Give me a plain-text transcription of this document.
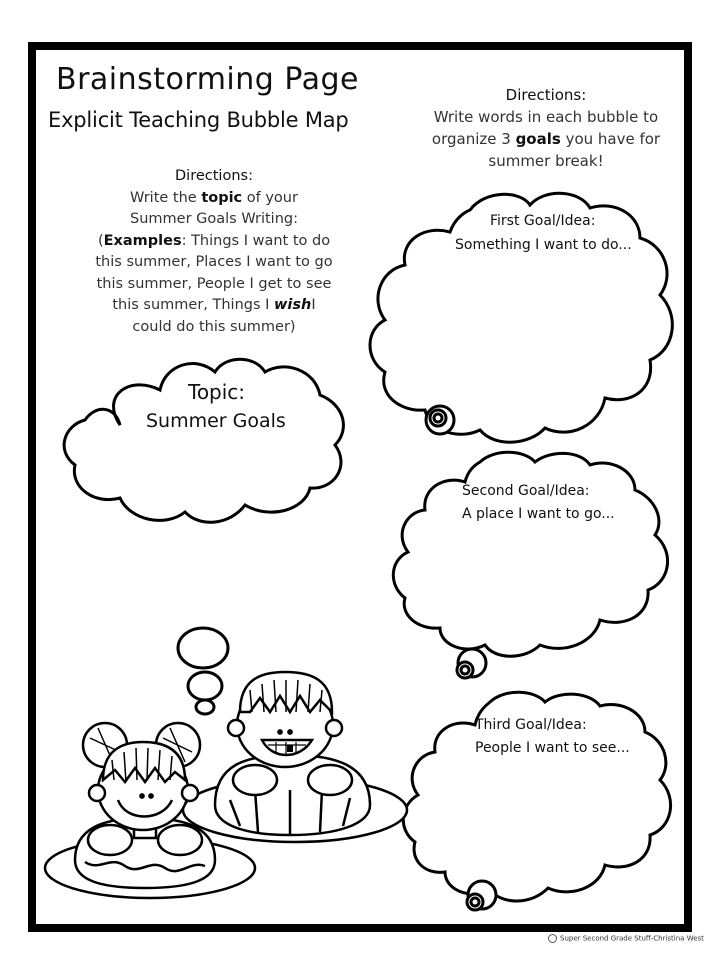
Brainstorming Page
Explicit Teaching Bubble Map
Directions:
Write words in each bubble to
organize 3 goals you have for
summer break!
Directions:
Write the topic of your
Summer Goals Writing:
(Examples: Things I want to do
this summer, Places I want to go
this summer, People I get to see
this summer, Things I wishI
could do this summer)
Topic:
Summer Goals
First Goal/Idea:
Something I want to do...
Second Goal/Idea:
A place I want to go...
Third Goal/Idea:
People I want to see...
Super Second Grade Stuff-Christina West
